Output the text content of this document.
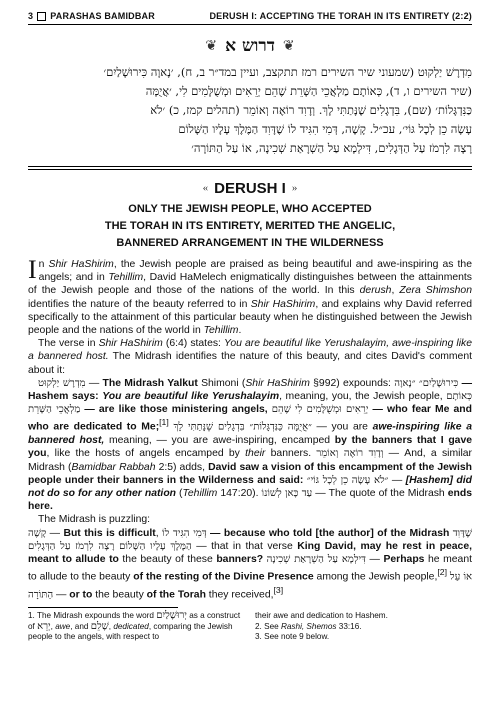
3 PARASHAS BAMIDBAR	DERUSH I: ACCEPTING THE TORAH IN ITS ENTIRETY (2:2)
❦ דרוש א ❦
מִדְרָשׁ יַלְקוּט (שמעוני שיר השירים רמז תתקצב, ועיין במד״ר ב, ח), ׳נָאוָה כִּירוּשָׁלַיִם׳
(שיר השירים ו, ד), כְּאוֹתָם מַלְאֲכֵי הַשָּׁרֵת שֶׁהֵם יְרֵאִים וּמְשֻׁלָּמִים לִי, ׳אֲיֻמָּה
כַּנִּדְגָּלוֹת׳ (שם), בִּדְגָלִים שֶׁנָּתַתִּי לָךְ. וְדָוִד רוֹאֶה וְאוֹמֵר (תהלים קמז, כ) ׳לֹא
עָשָׂה כֵן לְכָל גּוֹי׳, עכ״ל. קָשֶׁה, דְּמִי הִגִּיד לוֹ שֶׁדָּוִד הַמֶּלֶךְ עָלָיו הַשָּׁלוֹם
רָצָה לִרְמֹז עַל הַדְּגָלִים, דִּילְמָא עַל הַשְׁרָאַת שְׁכִינָה, אוֹ עַל הַתּוֹרָה׳
« DERUSH I »
ONLY THE JEWISH PEOPLE, WHO ACCEPTED
THE TORAH IN ITS ENTIRETY, MERITED THE ANGELIC,
BANNERED ARRANGEMENT IN THE WILDERNESS

In Shir HaShirim, the Jewish people are praised as being beautiful and awe-inspiring as the angels; and in Tehillim, David HaMelech enigmatically distinguishes between the attainments of the Jewish people and those of the nations of the world. In this derush, Zera Shimshon identifies the nature of the beauty referred to in Shir HaShirim, and explains why David referred specifically to the attainment of this particular beauty when he distinguished between the Jewish people and the nations of the world in Tehillim.

The verse in Shir HaShirim (6:4) states: You are beautiful like Yerushalayim, awe-inspiring like a bannered host. The Midrash identifies the nature of this beauty, and cites David's comment about it:

מִדְרָשׁ יַלְקוּט — The Midrash Yalkut Shimoni (Shir HaShirim §992) expounds: ״נָאוָה כִּירוּשָׁלַיִם״ — Hashem says: You are beautiful like Yerushalayim, meaning, you, the Jewish people, כְּאוֹתָם מַלְאֲכֵי הַשָּׁרֵת — are like those ministering angels, שֶׁהֵם יְרֵאִים וּמְשֻׁלָּמִים לִי — who fear Me and who are dedicated to Me;[1] ״אֲיֻמָּה כַּנִּדְגָּלוֹת״ בִּדְגָלִים שֶׁנָּתַתִּי לָךְ — you are awe-inspiring like a bannered host, meaning, — you are awe-inspiring, encamped by the banners that I gave you, like the hosts of angels encamped by their banners. וְדָוִד רוֹאֶה וְאוֹמֵר — And, a similar Midrash (Bamidbar Rabbah 2:5) adds, David saw a vision of this encampment of the Jewish people under their banners in the Wilderness and said: ״לֹא עָשָׂה כֵן לְכָל גּוֹי״ — [Hashem] did not do so for any other nation (Tehillim 147:20). עַד כָּאן לְשׁוֹנוֹ — The quote of the Midrash ends here.

The Midrash is puzzling:

קָשֶׁה — But this is difficult, דְּמִי הִגִּיד לוֹ — because who told [the author] of the Midrash שֶׁדָּוִד הַמֶּלֶךְ עָלָיו הַשָּׁלוֹם רָצָה לִרְמֹז עַל הַדְּגָלִים — that in that verse King David, may he rest in peace, meant to allude to the beauty of these banners? דִּילְמָא עַל הַשְׁרָאַת שְׁכִינָה — Perhaps he meant to allude to the beauty of the resting of the Divine Presence among the Jewish people,[2] אוֹ עַל הַתּוֹרָה — or to the beauty of the Torah they received,[3]

1. The Midrash expounds the word יְרוּשָׁלַיִם as a construct of יְרֵא, awe, and שָׁלֵם, dedicated, comparing the Jewish people to the angels, with respect to
their awe and dedication to Hashem.
2. See Rashi, Shemos 33:16.
3. See note 9 below.
